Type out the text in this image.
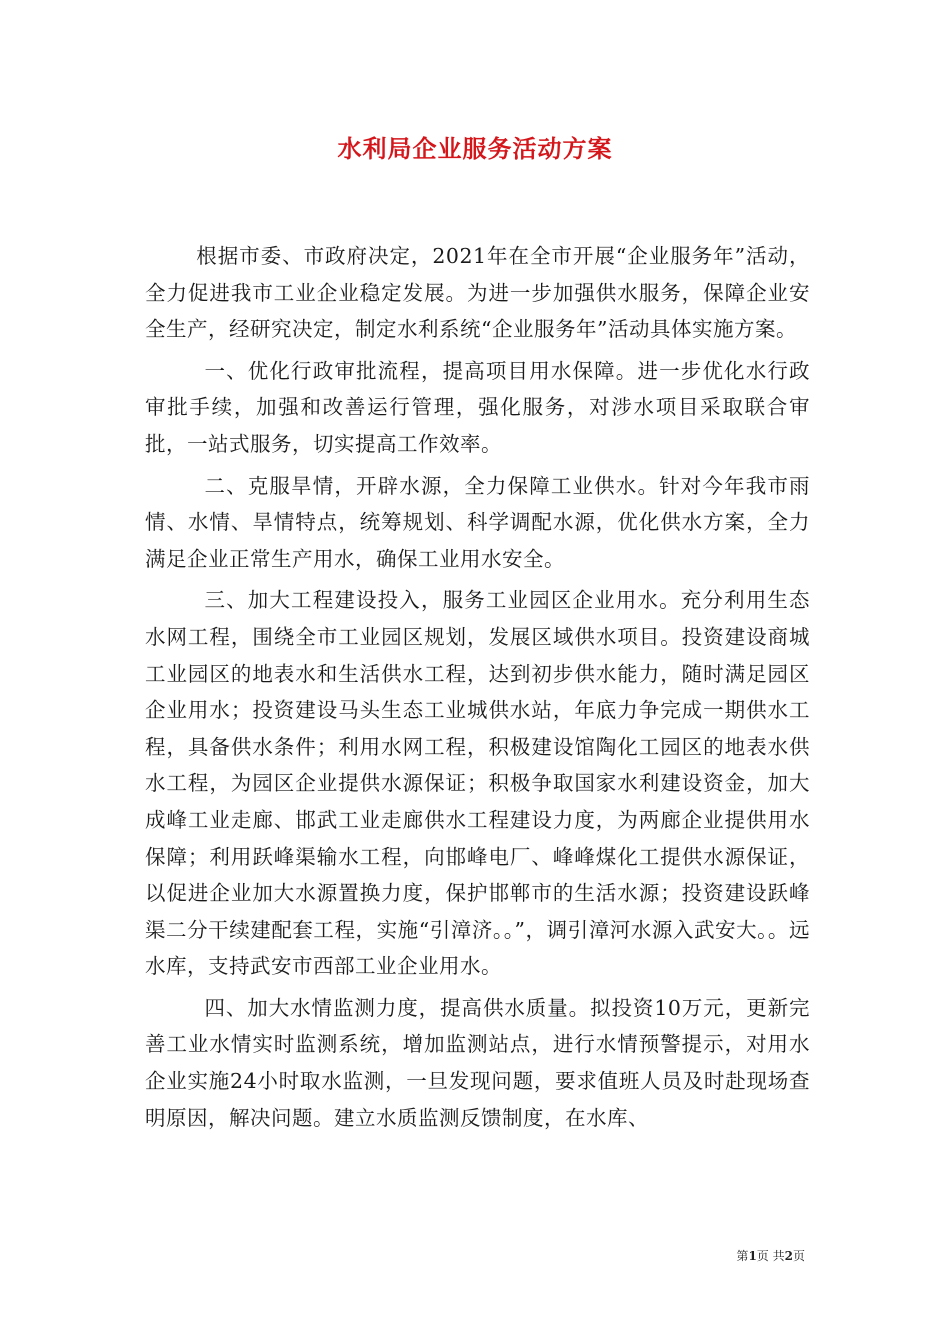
水利局企业服务活动方案

根据市委、市政府决定，2021年在全市开展“企业服务年”活动，全力促进我市工业企业稳定发展。为进一步加强供水服务，保障企业安全生产，经研究决定，制定水利系统“企业服务年”活动具体实施方案。

一、优化行政审批流程，提高项目用水保障。进一步优化水行政审批手续，加强和改善运行管理，强化服务，对涉水项目采取联合审批，一站式服务，切实提高工作效率。

二、克服旱情，开辟水源，全力保障工业供水。针对今年我市雨情、水情、旱情特点，统筹规划、科学调配水源，优化供水方案，全力满足企业正常生产用水，确保工业用水安全。

三、加大工程建设投入，服务工业园区企业用水。充分利用生态水网工程，围绕全市工业园区规划，发展区域供水项目。投资建设商城工业园区的地表水和生活供水工程，达到初步供水能力，随时满足园区企业用水；投资建设马头生态工业城供水站，年底力争完成一期供水工程，具备供水条件；利用水网工程，积极建设馆陶化工园区的地表水供水工程，为园区企业提供水源保证；积极争取国家水利建设资金，加大成峰工业走廊、邯武工业走廊供水工程建设力度，为两廊企业提供用水保障；利用跃峰渠输水工程，向邯峰电厂、峰峰煤化工提供水源保证，以促进企业加大水源置换力度，保护邯郸市的生活水源；投资建设跃峰渠二分干续建配套工程，实施“引漳济。。”，调引漳河水源入武安大。。远水库，支持武安市西部工业企业用水。

四、加大水情监测力度，提高供水质量。拟投资10万元，更新完善工业水情实时监测系统，增加监测站点，进行水情预警提示，对用水企业实施24小时取水监测，一旦发现问题，要求值班人员及时赴现场查明原因，解决问题。建立水质监测反馈制度，在水库、

第1页 共2页
